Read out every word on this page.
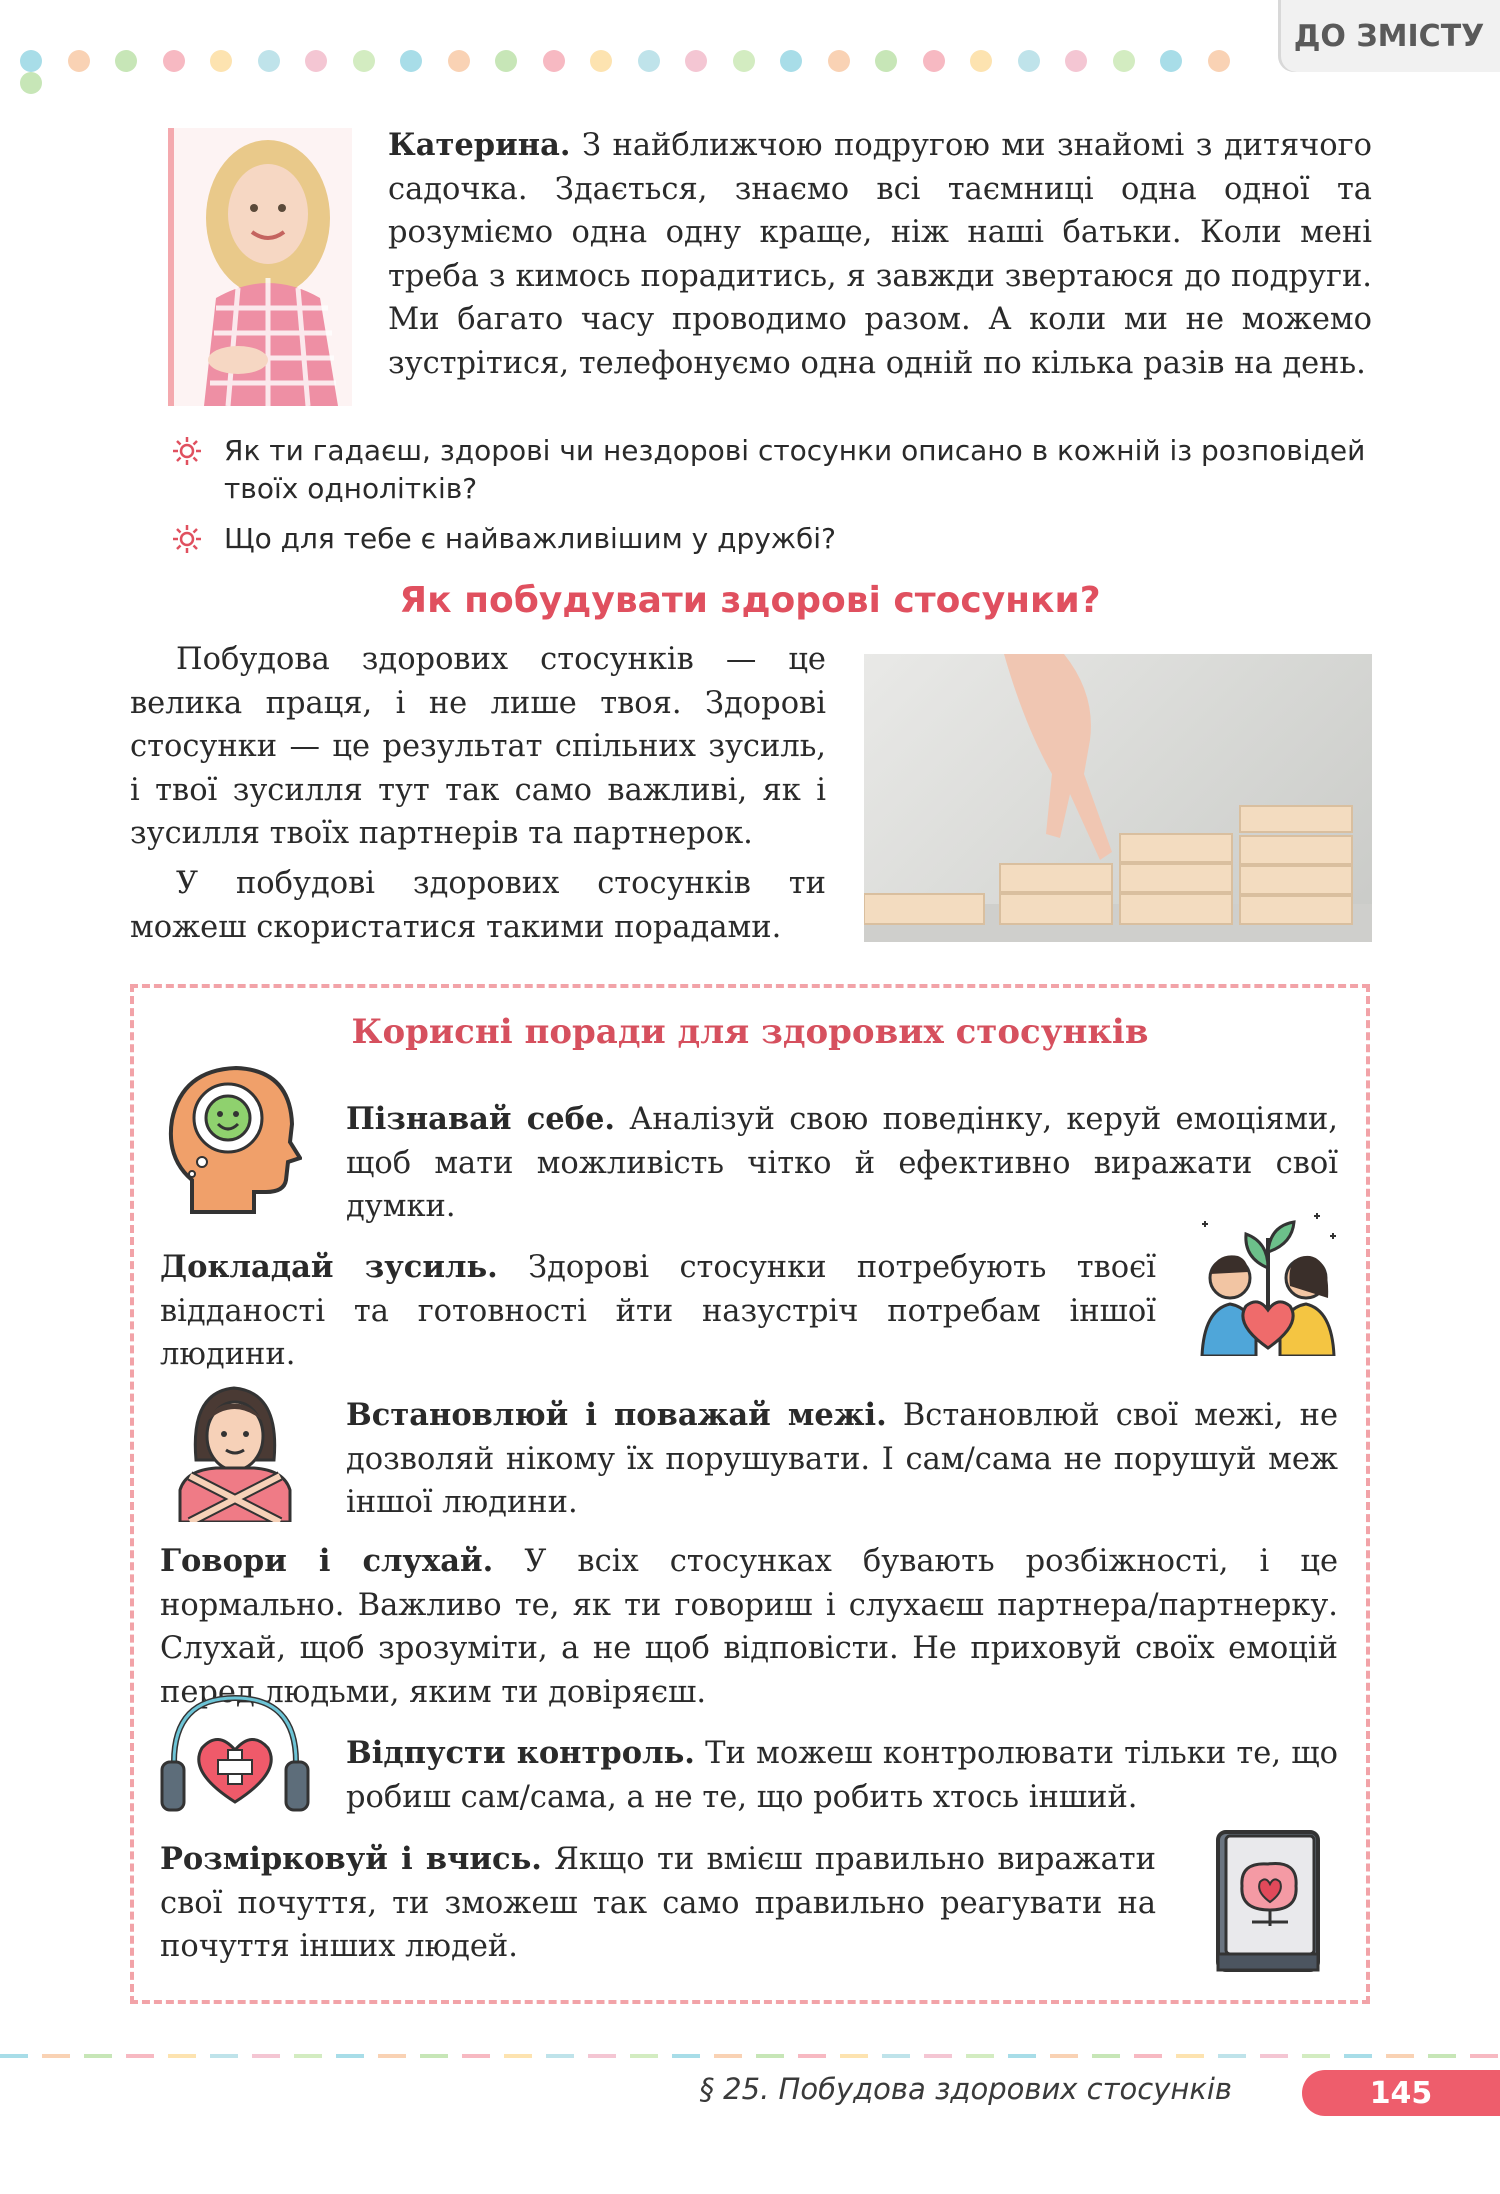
ДО ЗМІСТУ
Катерина. З найближчою подругою ми знайомі з дитячого садочка. Здається, знаємо всі таємниці одна одної та розуміємо одна одну краще, ніж наші батьки. Коли мені треба з кимось порадитись, я завжди звертаюся до подруги. Ми багато часу проводимо разом. А коли ми не можемо зустрітися, телефонуємо одна одній по кілька разів на день.
Як ти гадаєш, здорові чи нездорові стосунки описано в кожній із розповідей твоїх однолітків?
Що для тебе є найважливішим у дружбі?
Як побудувати здорові стосунки?
Побудова здорових стосунків — це велика праця, і не лише твоя. Здорові стосунки — це результат спільних зусиль, і твої зусилля тут так само важливі, як і зусилля твоїх партнерів та партнерок.
У побудові здорових стосунків ти можеш скористатися такими порадами.
Корисні поради для здорових стосунків
Пізнавай себе. Аналізуй свою поведінку, керуй емоціями, щоб мати можливість чітко й ефективно виражати свої думки.
Докладай зусиль. Здорові стосунки потребують твоєї відданості та готовності йти назустріч потребам іншої людини.
Встановлюй і поважай межі. Встановлюй свої межі, не дозволяй нікому їх порушувати. І сам/сама не порушуй меж іншої людини.
Говори і слухай. У всіх стосунках бувають розбіжності, і це нормально. Важливо те, як ти говориш і слухаєш партнера/партнерку. Слухай, щоб зрозуміти, а не щоб відповісти. Не приховуй своїх емоцій перед людьми, яким ти довіряєш.
Відпусти контроль. Ти можеш контролювати тільки те, що робиш сам/сама, а не те, що робить хтось інший.
Розмірковуй і вчись. Якщо ти вмієш правильно виражати свої почуття, ти зможеш так само правильно реагувати на почуття інших людей.
§ 25. Побудова здорових стосунків	145
